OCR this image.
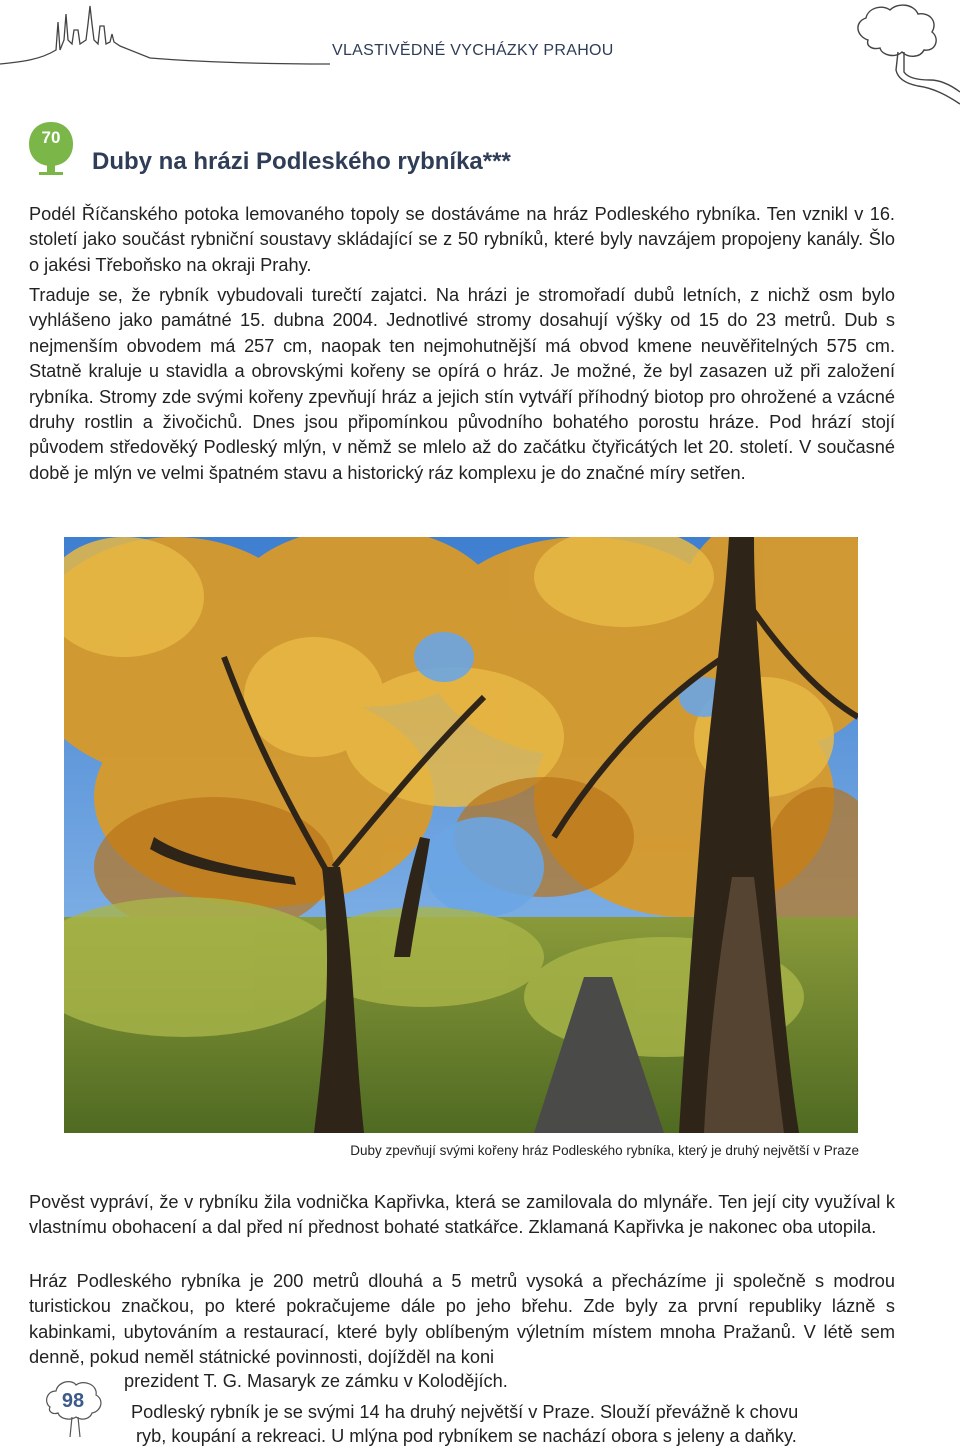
VLASTIVĚDNÉ VYCHÁZKY PRAHOU
70
Duby na hrázi Podleského rybníka***

Podél Říčanského potoka lemovaného topoly se dostáváme na hráz Podleského rybníka. Ten vznikl v 16. století jako součást rybniční soustavy skládající se z 50 rybníků, které byly navzájem propojeny kanály. Šlo o jakési Třeboňsko na okraji Prahy.

Traduje se, že rybník vybudovali turečtí zajatci. Na hrázi je stromořadí dubů letních, z nichž osm bylo vyhlášeno jako památné 15. dubna 2004. Jednotlivé stromy dosahují výšky od 15 do 23 metrů. Dub s nejmenším obvodem má 257 cm, naopak ten nejmohutnější má obvod kmene neuvěřitelných 575 cm. Statně kraluje u stavidla a obrovskými kořeny se opírá o hráz. Je možné, že byl zasazen už při založení rybníka. Stromy zde svými kořeny zpevňují hráz a jejich stín vytváří příhodný biotop pro ohrožené a vzácné druhy rostlin a živočichů. Dnes jsou připomínkou původního bohatého porostu hráze. Pod hrází stojí původem středověký Podleský mlýn, v němž se mlelo až do začátku čtyřicátých let 20. století. V současné době je mlýn ve velmi špatném stavu a historický ráz komplexu je do značné míry setřen.

Duby zpevňují svými kořeny hráz Podleského rybníka, který je druhý největší v Praze

Pověst vypráví, že v rybníku žila vodnička Kapřivka, která se zamilovala do mlynáře. Ten její city využíval k vlastnímu obohacení a dal před ní přednost bohaté statkářce. Zklamaná Kapřivka je nakonec oba utopila.

Hráz Podleského rybníka je 200 metrů dlouhá a 5 metrů vysoká a přecházíme ji společně s modrou turistickou značkou, po které pokračujeme dále po jeho břehu. Zde byly za první republiky lázně s kabinkami, ubytováním a restaurací, které byly oblíbeným výletním místem mnoha Pražanů. V létě sem denně, pokud neměl státnické povinnosti, dojížděl na koni

prezident T. G. Masaryk ze zámku v Kolodějích.
Podleský rybník je se svými 14 ha druhý největší v Praze. Slouží převážně k chovu
ryb, koupání a rekreaci. U mlýna pod rybníkem se nachází obora s jeleny a daňky.
98
